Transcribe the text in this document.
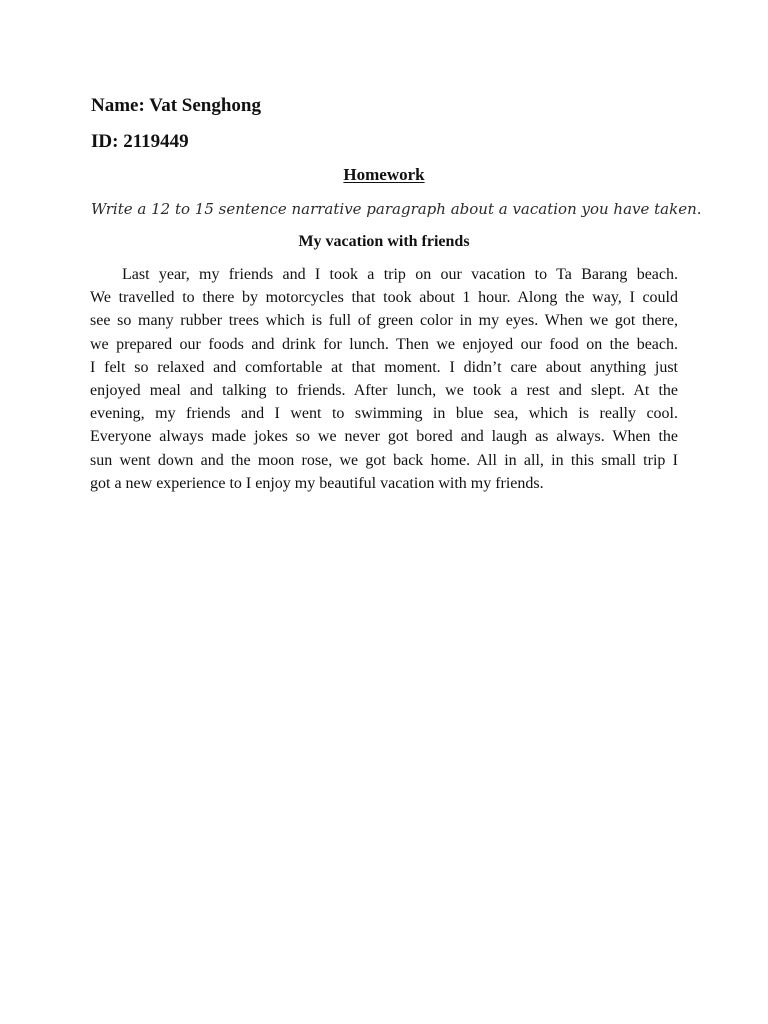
Name: Vat Senghong
ID: 2119449
Homework
Write a 12 to 15 sentence narrative paragraph about a vacation you have taken.
My vacation with friends
Last year, my friends and I took a trip on our vacation to Ta Barang beach.
We travelled to there by motorcycles that took about 1 hour. Along the way, I could
see so many rubber trees which is full of green color in my eyes. When we got there,
we prepared our foods and drink for lunch. Then we enjoyed our food on the beach.
I felt so relaxed and comfortable at that moment. I didn’t care about anything just
enjoyed meal and talking to friends. After lunch, we took a rest and slept. At the
evening, my friends and I went to swimming in blue sea, which is really cool.
Everyone always made jokes so we never got bored and laugh as always. When the
sun went down and the moon rose, we got back home. All in all, in this small trip I
got a new experience to I enjoy my beautiful vacation with my friends.
